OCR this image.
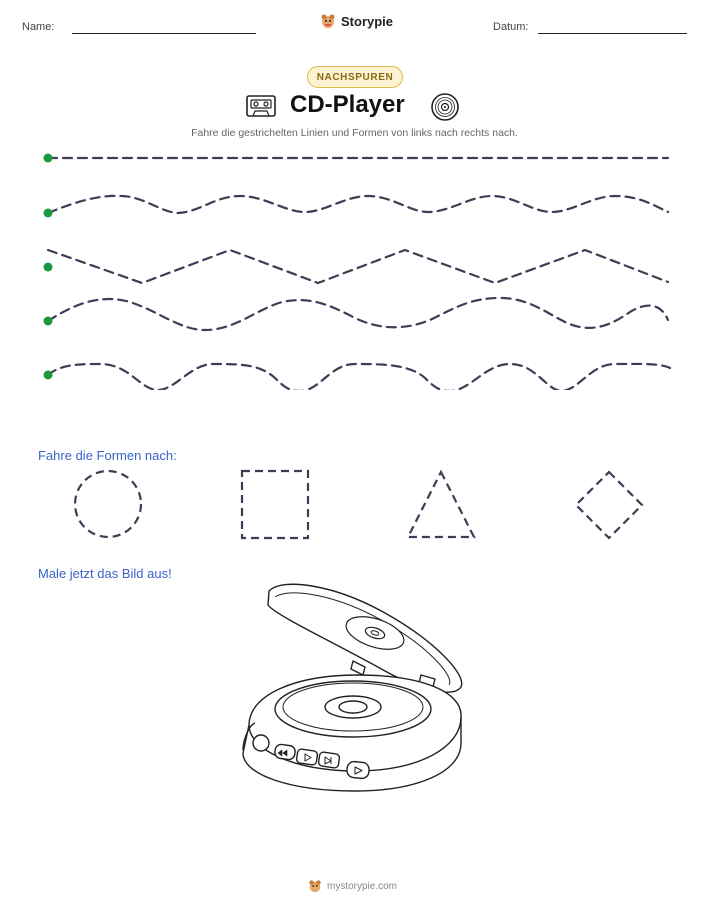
Name:	Storypie	Datum:
NACHSPUREN
CD-Player
Fahre die gestrichelten Linien und Formen von links nach rechts nach.
Fahre die Formen nach:
Male jetzt das Bild aus!
mystorypie.com
